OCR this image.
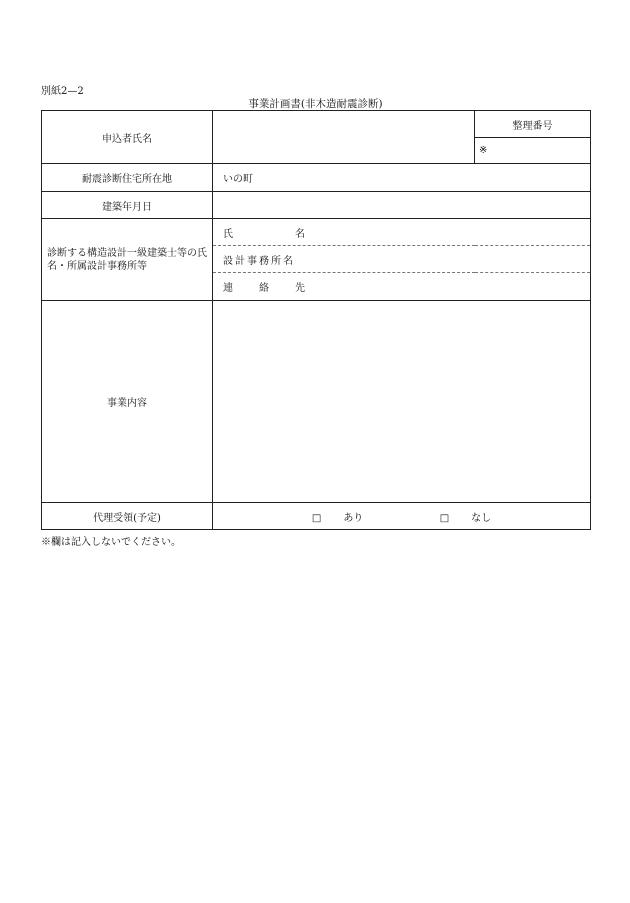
別紙2—2
事業計画書(非木造耐震診断)
申込者氏名		整理番号
		※
耐震診断住宅所在地	いの町	
建築年月日		
診断する構造設計一級建築士等の氏名・所属設計事務所等	氏 名	

	設計事務所名	

	連 絡 先	

事業内容		
代理受領(予定)	□ あり □ なし	
※欄は記入しないでください。
